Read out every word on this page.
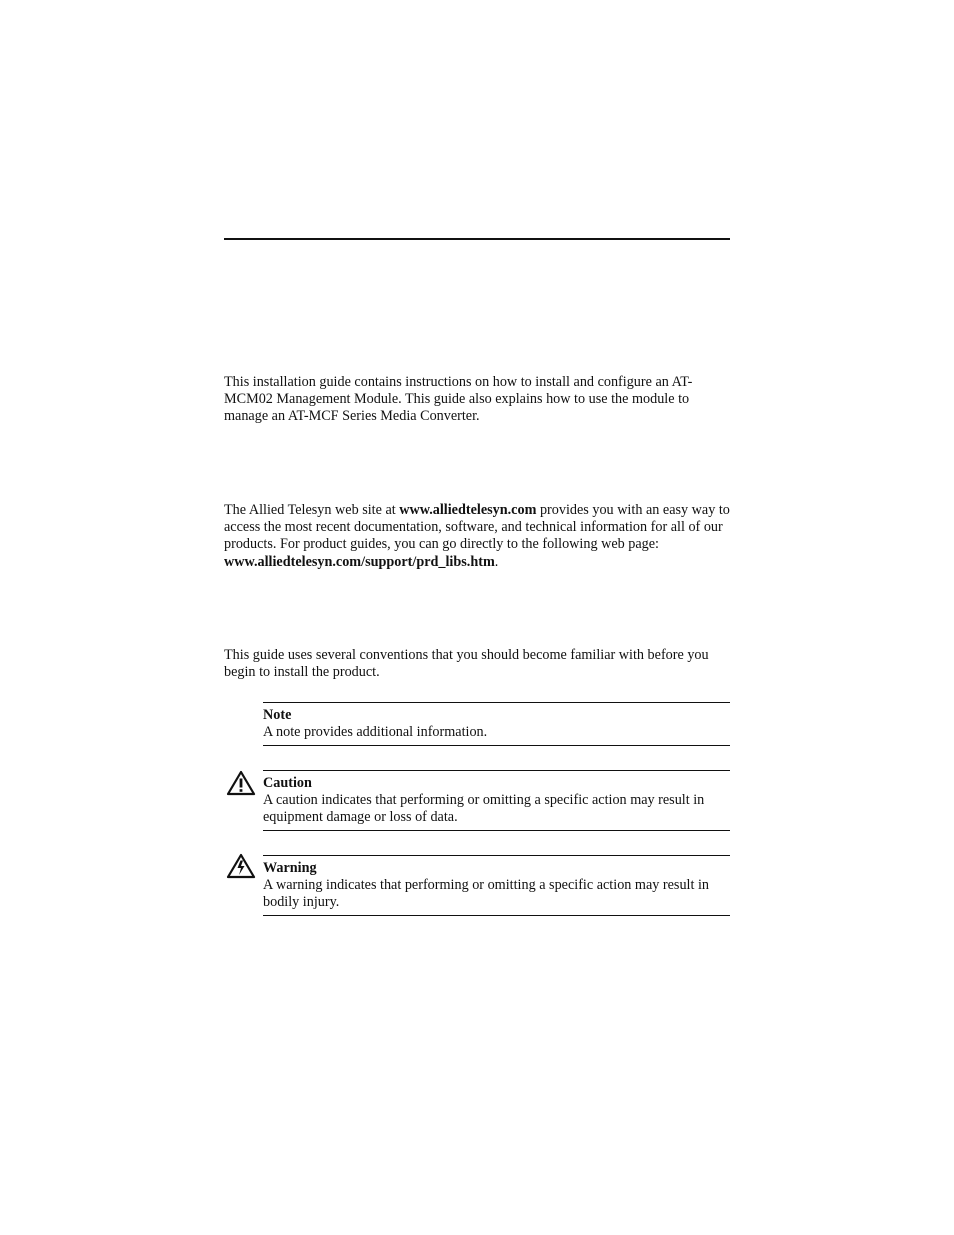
This installation guide contains instructions on how to install and configure an AT-MCM02 Management Module. This guide also explains how to use the module to manage an AT-MCF Series Media Converter.

The Allied Telesyn web site at www.alliedtelesyn.com provides you with an easy way to access the most recent documentation, software, and technical information for all of our products. For product guides, you can go directly to the following web page: www.alliedtelesyn.com/support/prd_libs.htm.

This guide uses several conventions that you should become familiar with before you begin to install the product.

Note
A note provides additional information.
Caution
A caution indicates that performing or omitting a specific action may result in equipment damage or loss of data.
Warning
A warning indicates that performing or omitting a specific action may result in bodily injury.
